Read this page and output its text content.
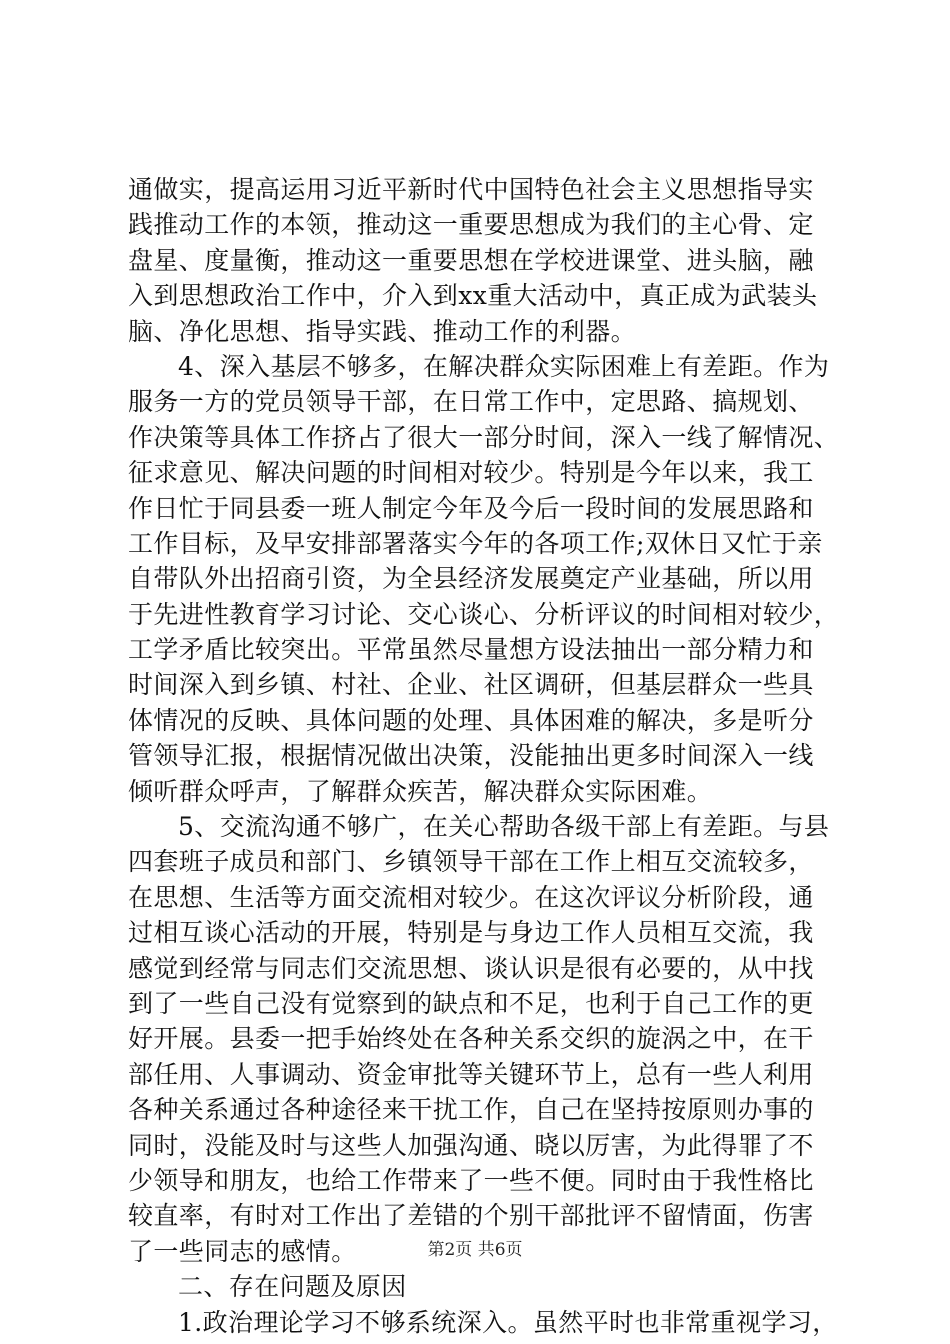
通做实，提高运用习近平新时代中国特色社会主义思想指导实
践推动工作的本领，推动这一重要思想成为我们的主心骨、定
盘星、度量衡，推动这一重要思想在学校进课堂、进头脑，融
入到思想政治工作中，介入到xx重大活动中，真正成为武装头
脑、净化思想、指导实践、推动工作的利器。
4、深入基层不够多，在解决群众实际困难上有差距。作为
服务一方的党员领导干部，在日常工作中，定思路、搞规划、
作决策等具体工作挤占了很大一部分时间，深入一线了解情况、
征求意见、解决问题的时间相对较少。特别是今年以来，我工
作日忙于同县委一班人制定今年及今后一段时间的发展思路和
工作目标，及早安排部署落实今年的各项工作;双休日又忙于亲
自带队外出招商引资，为全县经济发展奠定产业基础，所以用
于先进性教育学习讨论、交心谈心、分析评议的时间相对较少，
工学矛盾比较突出。平常虽然尽量想方设法抽出一部分精力和
时间深入到乡镇、村社、企业、社区调研，但基层群众一些具
体情况的反映、具体问题的处理、具体困难的解决，多是听分
管领导汇报，根据情况做出决策，没能抽出更多时间深入一线
倾听群众呼声，了解群众疾苦，解决群众实际困难。
5、交流沟通不够广，在关心帮助各级干部上有差距。与县
四套班子成员和部门、乡镇领导干部在工作上相互交流较多，
在思想、生活等方面交流相对较少。在这次评议分析阶段，通
过相互谈心活动的开展，特别是与身边工作人员相互交流，我
感觉到经常与同志们交流思想、谈认识是很有必要的，从中找
到了一些自己没有觉察到的缺点和不足，也利于自己工作的更
好开展。县委一把手始终处在各种关系交织的旋涡之中，在干
部任用、人事调动、资金审批等关键环节上，总有一些人利用
各种关系通过各种途径来干扰工作，自己在坚持按原则办事的
同时，没能及时与这些人加强沟通、晓以厉害，为此得罪了不
少领导和朋友，也给工作带来了一些不便。同时由于我性格比
较直率，有时对工作出了差错的个别干部批评不留情面，伤害
了一些同志的感情。
二、存在问题及原因
1.政治理论学习不够系统深入。虽然平时也非常重视学习，
第2页 共6页
